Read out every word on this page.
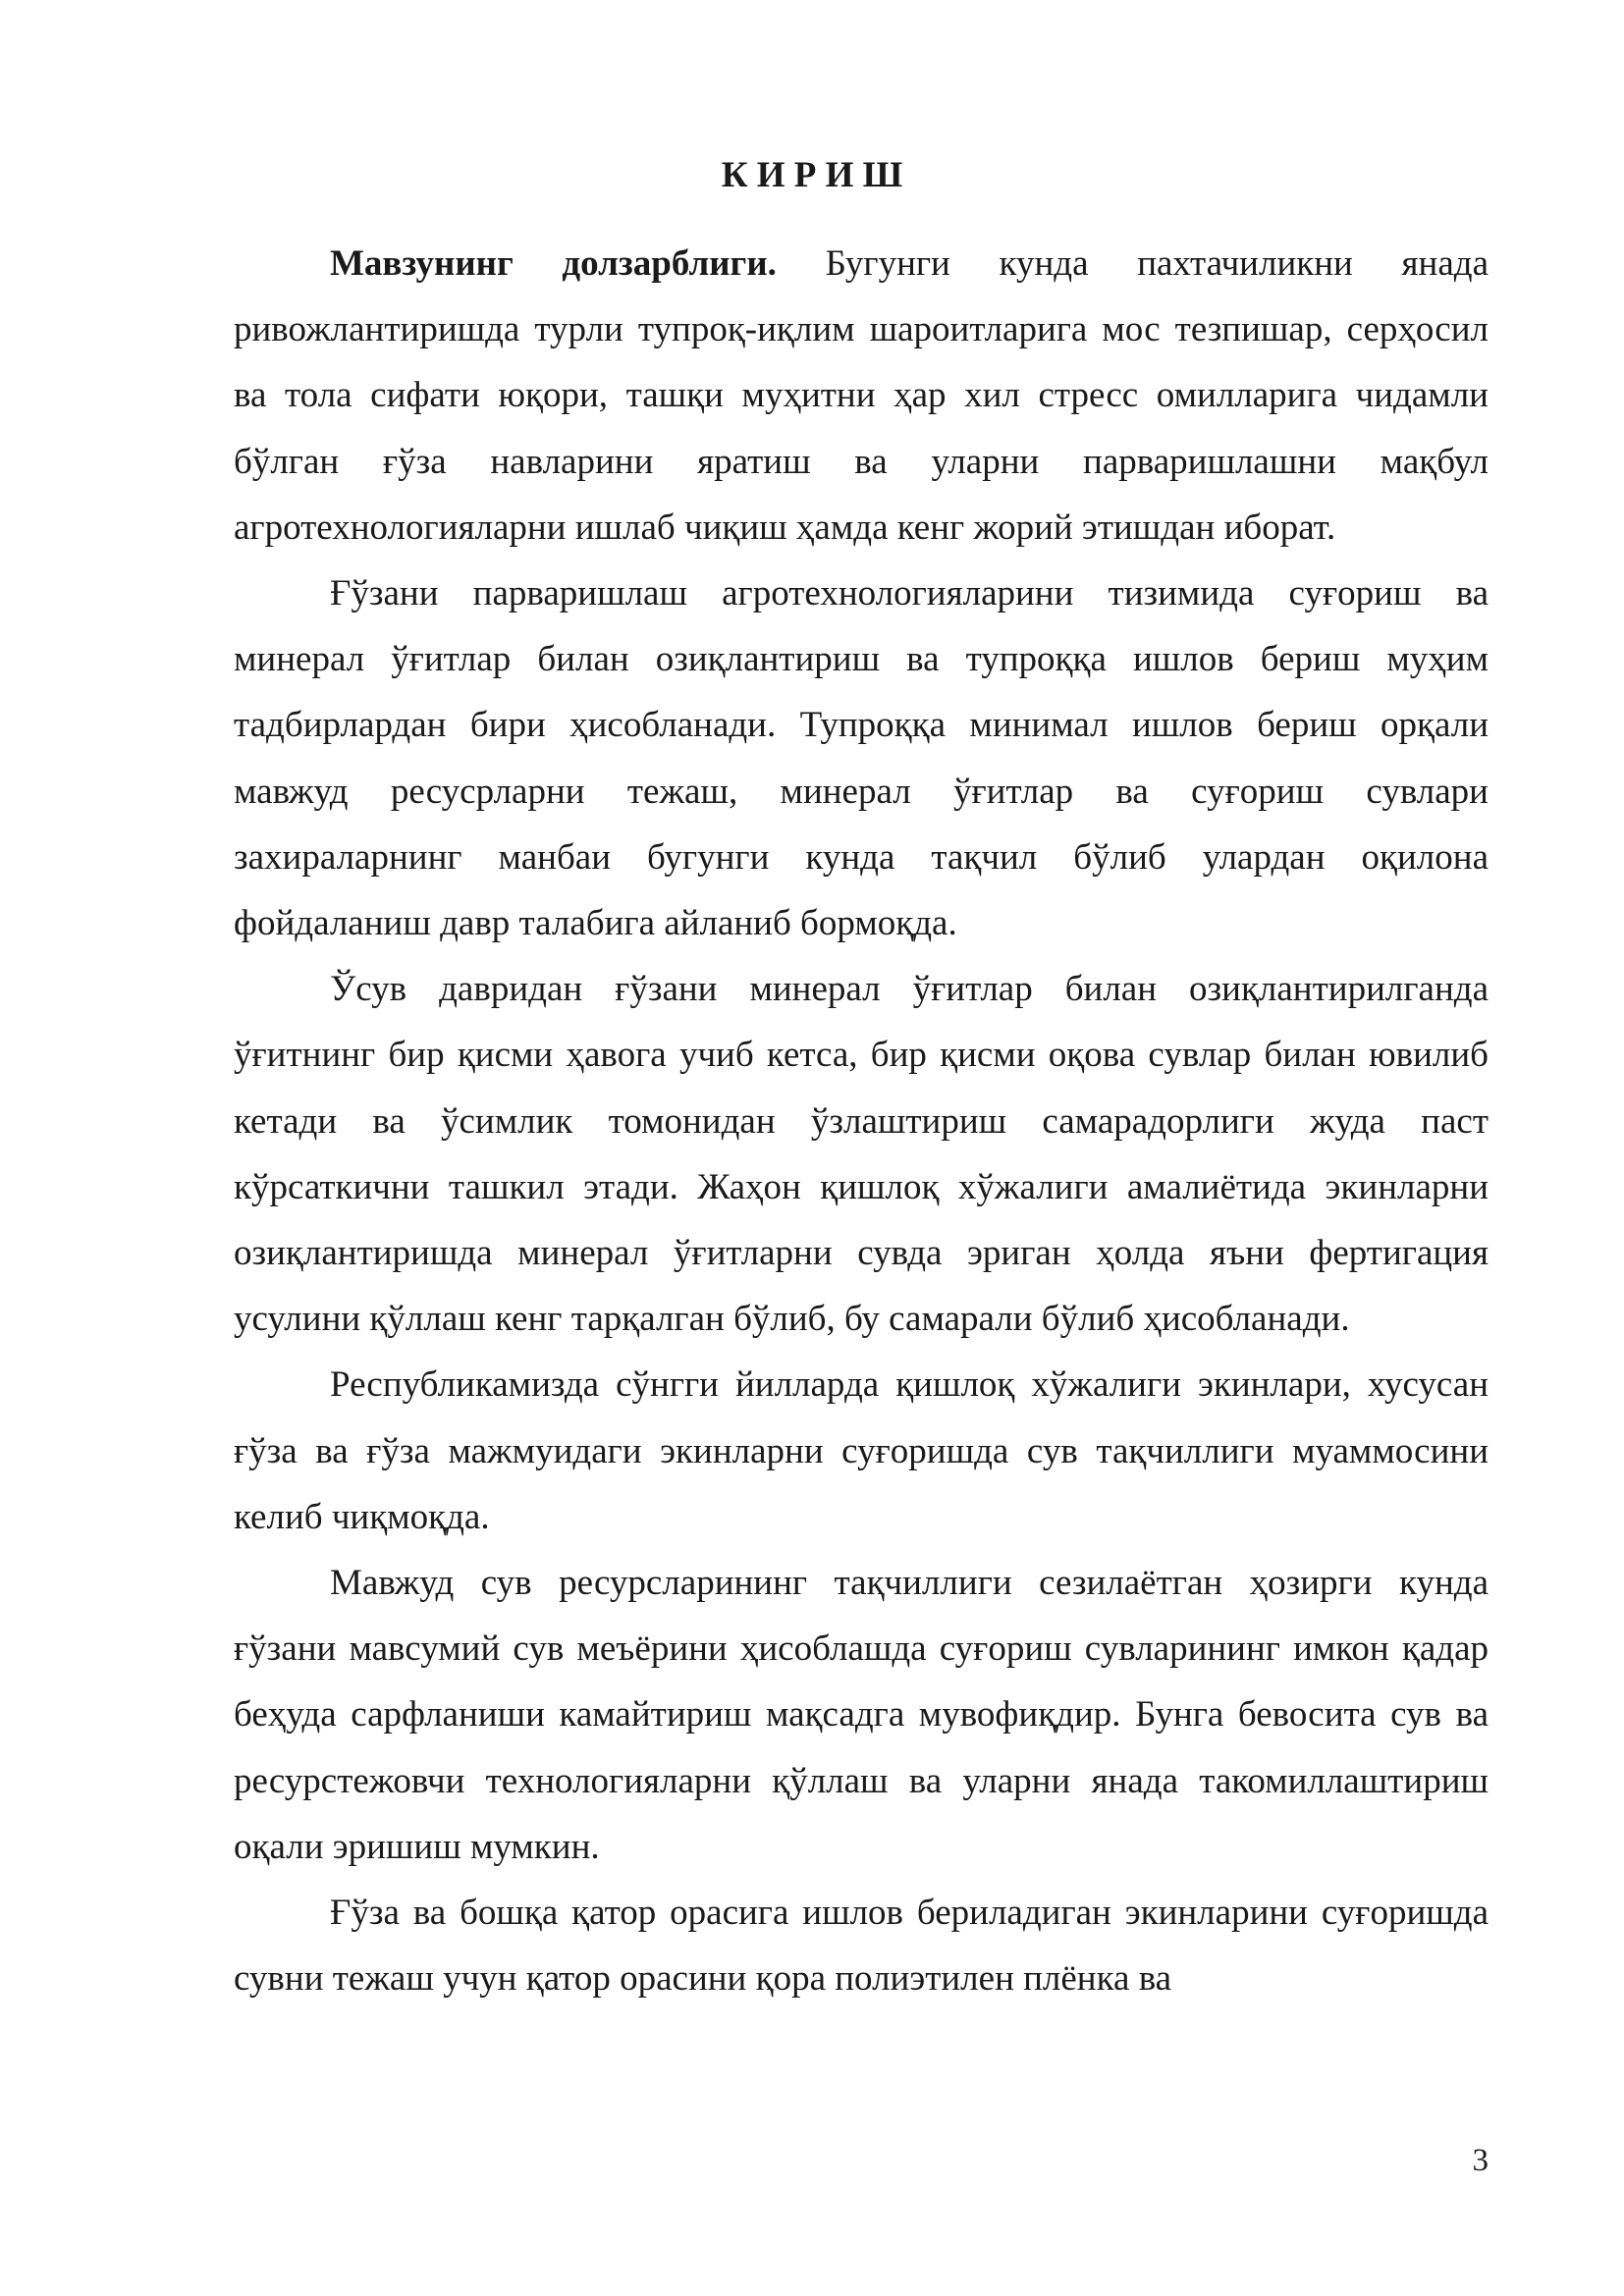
К И Р И Ш

Мавзунинг долзарблиги. Бугунги кунда пахтачиликни янада ривожлантиришда турли тупроқ-иқлим шароитларига мос тезпишар, серҳосил ва тола сифати юқори, ташқи муҳитни ҳар хил стресс омилларига чидамли бўлган ғўза навларини яратиш ва уларни парваришлашни мақбул агротехнологияларни ишлаб чиқиш ҳамда кенг жорий этишдан иборат.

Ғўзани парваришлаш агротехнологияларини тизимида суғориш ва минерал ўғитлар билан озиқлантириш ва тупроққа ишлов бериш муҳим тадбирлардан бири ҳисобланади. Тупроққа минимал ишлов бериш орқали мавжуд ресусрларни тежаш, минерал ўғитлар ва суғориш сувлари захираларнинг манбаи бугунги кунда тақчил бўлиб улардан оқилона фойдаланиш давр талабига айланиб бормоқда.

Ўсув давридан ғўзани минерал ўғитлар билан озиқлантирилганда ўғитнинг бир қисми ҳавога учиб кетса, бир қисми оқова сувлар билан ювилиб кетади ва ўсимлик томонидан ўзлаштириш самарадорлиги жуда паст кўрсаткични ташкил этади. Жаҳон қишлоқ хўжалиги амалиётида экинларни озиқлантиришда минерал ўғитларни сувда эриган ҳолда яъни фертигация усулини қўллаш кенг тарқалган бўлиб, бу самарали бўлиб ҳисобланади.

Республикамизда сўнгги йилларда қишлоқ хўжалиги экинлари, хусусан ғўза ва ғўза мажмуидаги экинларни суғоришда сув тақчиллиги муаммосини келиб чиқмоқда.

Мавжуд сув ресурсларининг тақчиллиги сезилаётган ҳозирги кунда ғўзани мавсумий сув меъёрини ҳисоблашда суғориш сувларининг имкон қадар беҳуда сарфланиши камайтириш мақсадга мувофиқдир. Бунга бевосита сув ва ресурстежовчи технологияларни қўллаш ва уларни янада такомиллаштириш оқали эришиш мумкин.

Ғўза ва бошқа қатор орасига ишлов бериладиган экинларини суғоришда сувни тежаш учун қатор орасини қора полиэтилен плёнка ва

3
